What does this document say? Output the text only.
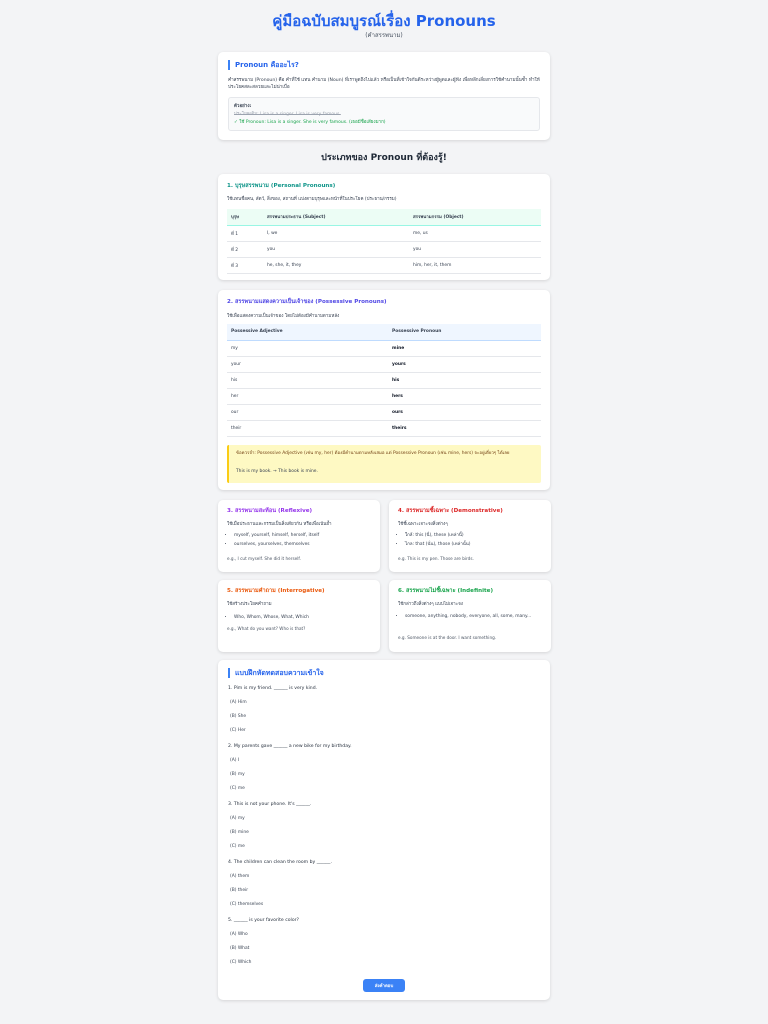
คู่มือฉบับสมบูรณ์เรื่อง Pronouns
(คำสรรพนาม)
Pronoun คืออะไร?
คำสรรพนาม (Pronoun) คือ คำที่ใช้ แทน คำนาม (Noun) ที่เราพูดถึงไปแล้ว หรือเป็นที่เข้าใจกันดีระหว่างผู้พูดและผู้ฟัง เพื่อหลีกเลี่ยงการใช้คำนามนั้นซ้ำ ทำให้ประโยคสละสลวยและไม่น่าเบื่อ
ตัวอย่าง:
ประโยคเดิม: Lisa is a singer. Lisa is very famous.
✓ ใช้ Pronoun: Lisa is a singer. She is very famous. (เธอมีชื่อเสียงมาก)
ประเภทของ Pronoun ที่ต้องรู้!
1. บุรุษสรรพนาม (Personal Pronouns)
ใช้แทนชื่อคน, สัตว์, สิ่งของ, สถานที่ แบ่งตามบุรุษและหน้าที่ในประโยค (ประธาน/กรรม)
บุรุษ	สรรพนามประธาน (Subject)	สรรพนามกรรม (Object)
ที่ 1	I, we	me, us
ที่ 2	you	you
ที่ 3	he, she, it, they	him, her, it, them
2. สรรพนามแสดงความเป็นเจ้าของ (Possessive Pronouns)
ใช้เพื่อแสดงความเป็นเจ้าของ โดยไม่ต้องมีคำนามตามหลัง
Possessive Adjective	Possessive Pronoun
my	mine
your	yours
his	his
her	hers
our	ours
their	theirs
ข้อควรจำ: Possessive Adjective (เช่น my, her) ต้องมีคำนามตามหลังเสมอ แต่ Possessive Pronoun (เช่น mine, hers) จะอยู่เดี่ยวๆ ได้เลย
This is my book. → This book is mine.
3. สรรพนามสะท้อน (Reflexive)
ใช้เมื่อประธานและกรรมเป็นสิ่งเดียวกัน หรือเพื่อเน้นย้ำ
• myself, yourself, himself, herself, itself
• ourselves, yourselves, themselves
e.g., I cut myself. She did it herself.
4. สรรพนามชี้เฉพาะ (Demonstrative)
ใช้ชี้เฉพาะเจาะจงสิ่งต่างๆ
• ใกล้: this (นี่), these (เหล่านี้)
• ไกล: that (นั่น), those (เหล่านั้น)
e.g. This is my pen. Those are birds.
5. สรรพนามคำถาม (Interrogative)
ใช้สร้างประโยคคำถาม
• Who, Whom, Whose, What, Which
e.g., What do you want? Who is that?
6. สรรพนามไม่ชี้เฉพาะ (Indefinite)
ใช้กล่าวถึงสิ่งต่างๆ แบบไม่เจาะจง
• someone, anything, nobody, everyone, all, some, many...
e.g. Someone is at the door. I want something.
แบบฝึกหัดทดสอบความเข้าใจ
1. Pim is my friend. ______ is very kind.
(A) Him
(B) She
(C) Her
2. My parents gave ______ a new bike for my birthday.
(A) I
(B) my
(C) me
3. This is not your phone. It's ______.
(A) my
(B) mine
(C) me
4. The children can clean the room by ______.
(A) them
(B) their
(C) themselves
5. ______ is your favorite color?
(A) Who
(B) What
(C) Which
ส่งคำตอบ
